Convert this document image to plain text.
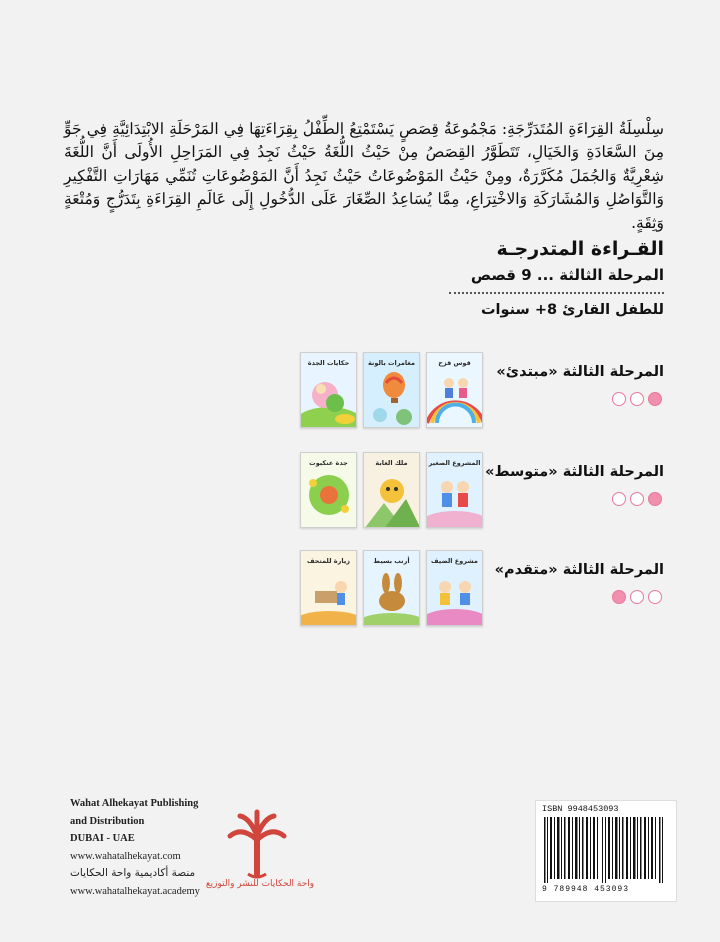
سِلْسِلَةُ القِرَاءَةِ المُتَدَرِّجَةِ: مَجْمُوعَةُ قِصَصٍ يَسْتَمْتِعُ الطِّفْلُ بِقِرَاءَتِهَا فِي المَرْحَلَةِ الابْتِدَائِيَّةِ فِي جَوٍّ مِنَ السَّعَادَةِ وَالخَيَالِ، تَتَطَوَّرُ القِصَصُ مِنْ حَيْثُ اللُّغَةُ حَيْثُ نَجِدُ فِي المَرَاحِلِ الأُولَى أَنَّ اللُّغَةَ شِعْرِيَّةٌ وَالجُمَلَ مُكَرَّرَةٌ، ومِنْ حَيْثُ المَوْضُوعَاتُ حَيْثُ نَجِدُ أَنَّ المَوْضُوعَاتِ تُنَمِّي مَهَارَاتِ التَّفْكِيرِ وَالتَّوَاصُلِ وَالمُشَارَكَةِ وَالاخْتِرَاعِ، مِمَّا يُسَاعِدُ الصِّغَارَ عَلَى الدُّخُولِ إِلَى عَالَمِ القِرَاءَةِ بِتَدَرُّجٍ وَمُتْعَةٍ وَثِقَةٍ.

القـراءة المتدرجـة
المرحلة الثالثة ... 9 قصص
للطفل القارئ 8+ سنوات
حكايات الجدة	مغامرات بالونة	قوس قزح
المرحلة الثالثة «مبتدئ»
جدة عنكبوت	ملك الغابة	المشروع الصغير
المرحلة الثالثة «متوسط»
زيارة للمتحف	أرنب بسيط	مشروع الضيف
المرحلة الثالثة «متقدم»
Wahat Alhekayat Publishing
and Distribution
DUBAI - UAE
www.wahatalhekayat.com
منصة أكاديمية واحة الحكايات
www.wahatalhekayat.academy
واحة الحكايات للنشر والتوزيع
ISBN 9948453093
9 789948 453093
